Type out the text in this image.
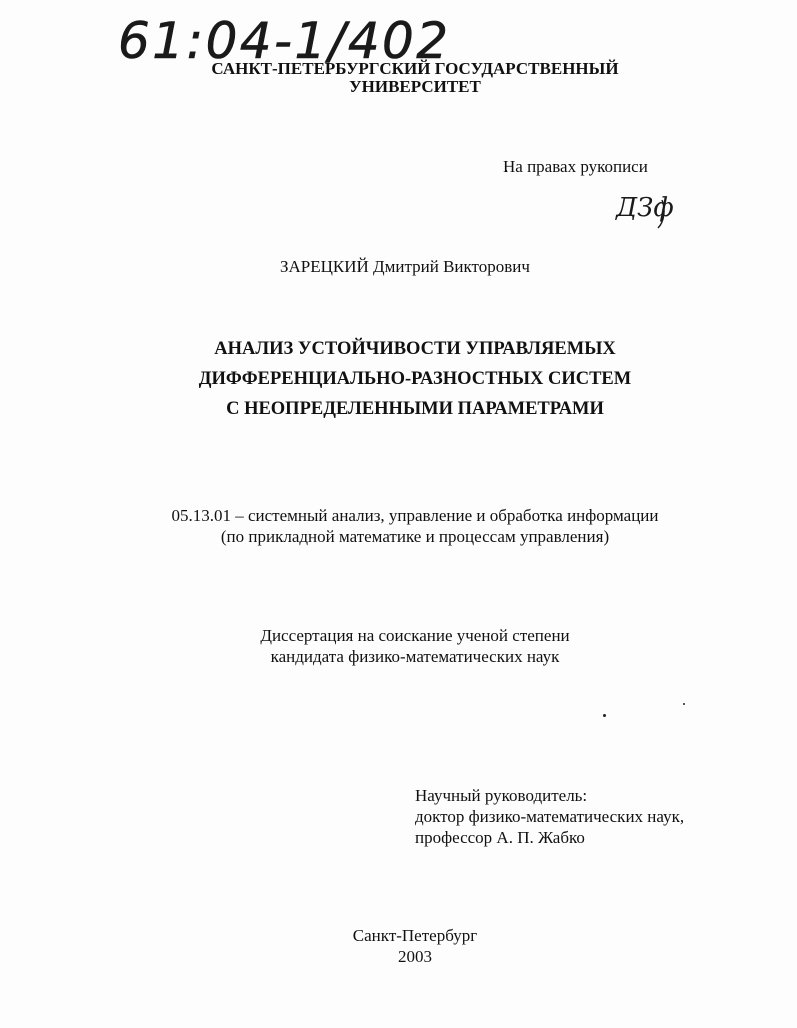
61:04-1/402
САНКТ-ПЕТЕРБУРГСКИЙ ГОСУДАРСТВЕННЫЙ
УНИВЕРСИТЕТ
На правах рукописи
ДЗф
ЗАРЕЦКИЙ Дмитрий Викторович
АНАЛИЗ УСТОЙЧИВОСТИ УПРАВЛЯЕМЫХ
ДИФФЕРЕНЦИАЛЬНО-РАЗНОСТНЫХ СИСТЕМ
С НЕОПРЕДЕЛЕННЫМИ ПАРАМЕТРАМИ
05.13.01 – системный анализ, управление и обработка информации
(по прикладной математике и процессам управления)
Диссертация на соискание ученой степени
кандидата физико-математических наук
Научный руководитель:
доктор физико-математических наук,
профессор А. П. Жабко
Санкт-Петербург
2003
